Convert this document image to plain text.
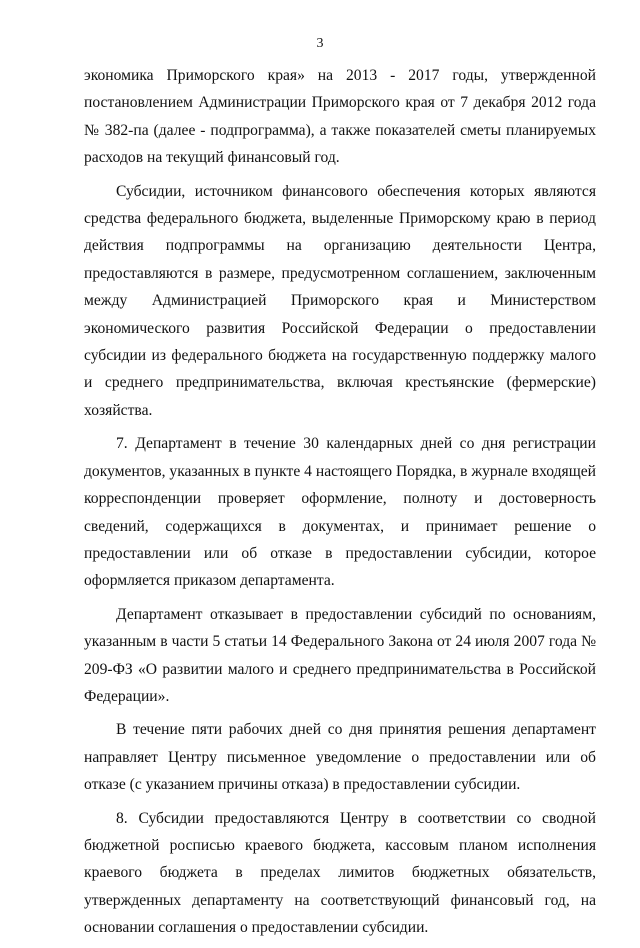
3

экономика Приморского края» на 2013 - 2017 годы, утвержденной постановлением Администрации Приморского края от 7 декабря 2012 года № 382-па (далее - подпрограмма), а также показателей сметы планируемых расходов на текущий финансовый год.

Субсидии, источником финансового обеспечения которых являются средства федерального бюджета, выделенные Приморскому краю в период действия подпрограммы на организацию деятельности Центра, предоставляются в размере, предусмотренном соглашением, заключенным между Администрацией Приморского края и Министерством экономического развития Российской Федерации о предоставлении субсидии из федерального бюджета на государственную поддержку малого и среднего предпринимательства, включая крестьянские (фермерские) хозяйства.

7. Департамент в течение 30 календарных дней со дня регистрации документов, указанных в пункте 4 настоящего Порядка, в журнале входящей корреспонденции проверяет оформление, полноту и достоверность сведений, содержащихся в документах, и принимает решение о предоставлении или об отказе в предоставлении субсидии, которое оформляется приказом департамента.

Департамент отказывает в предоставлении субсидий по основаниям, указанным в части 5 статьи 14 Федерального Закона от 24 июля 2007 года № 209-ФЗ «О развитии малого и среднего предпринимательства в Российской Федерации».

В течение пяти рабочих дней со дня принятия решения департамент направляет Центру письменное уведомление о предоставлении или об отказе (с указанием причины отказа) в предоставлении субсидии.

8. Субсидии предоставляются Центру в соответствии со сводной бюджетной росписью краевого бюджета, кассовым планом исполнения краевого бюджета в пределах лимитов бюджетных обязательств, утвержденных департаменту на соответствующий финансовый год, на основании соглашения о предоставлении субсидии.
